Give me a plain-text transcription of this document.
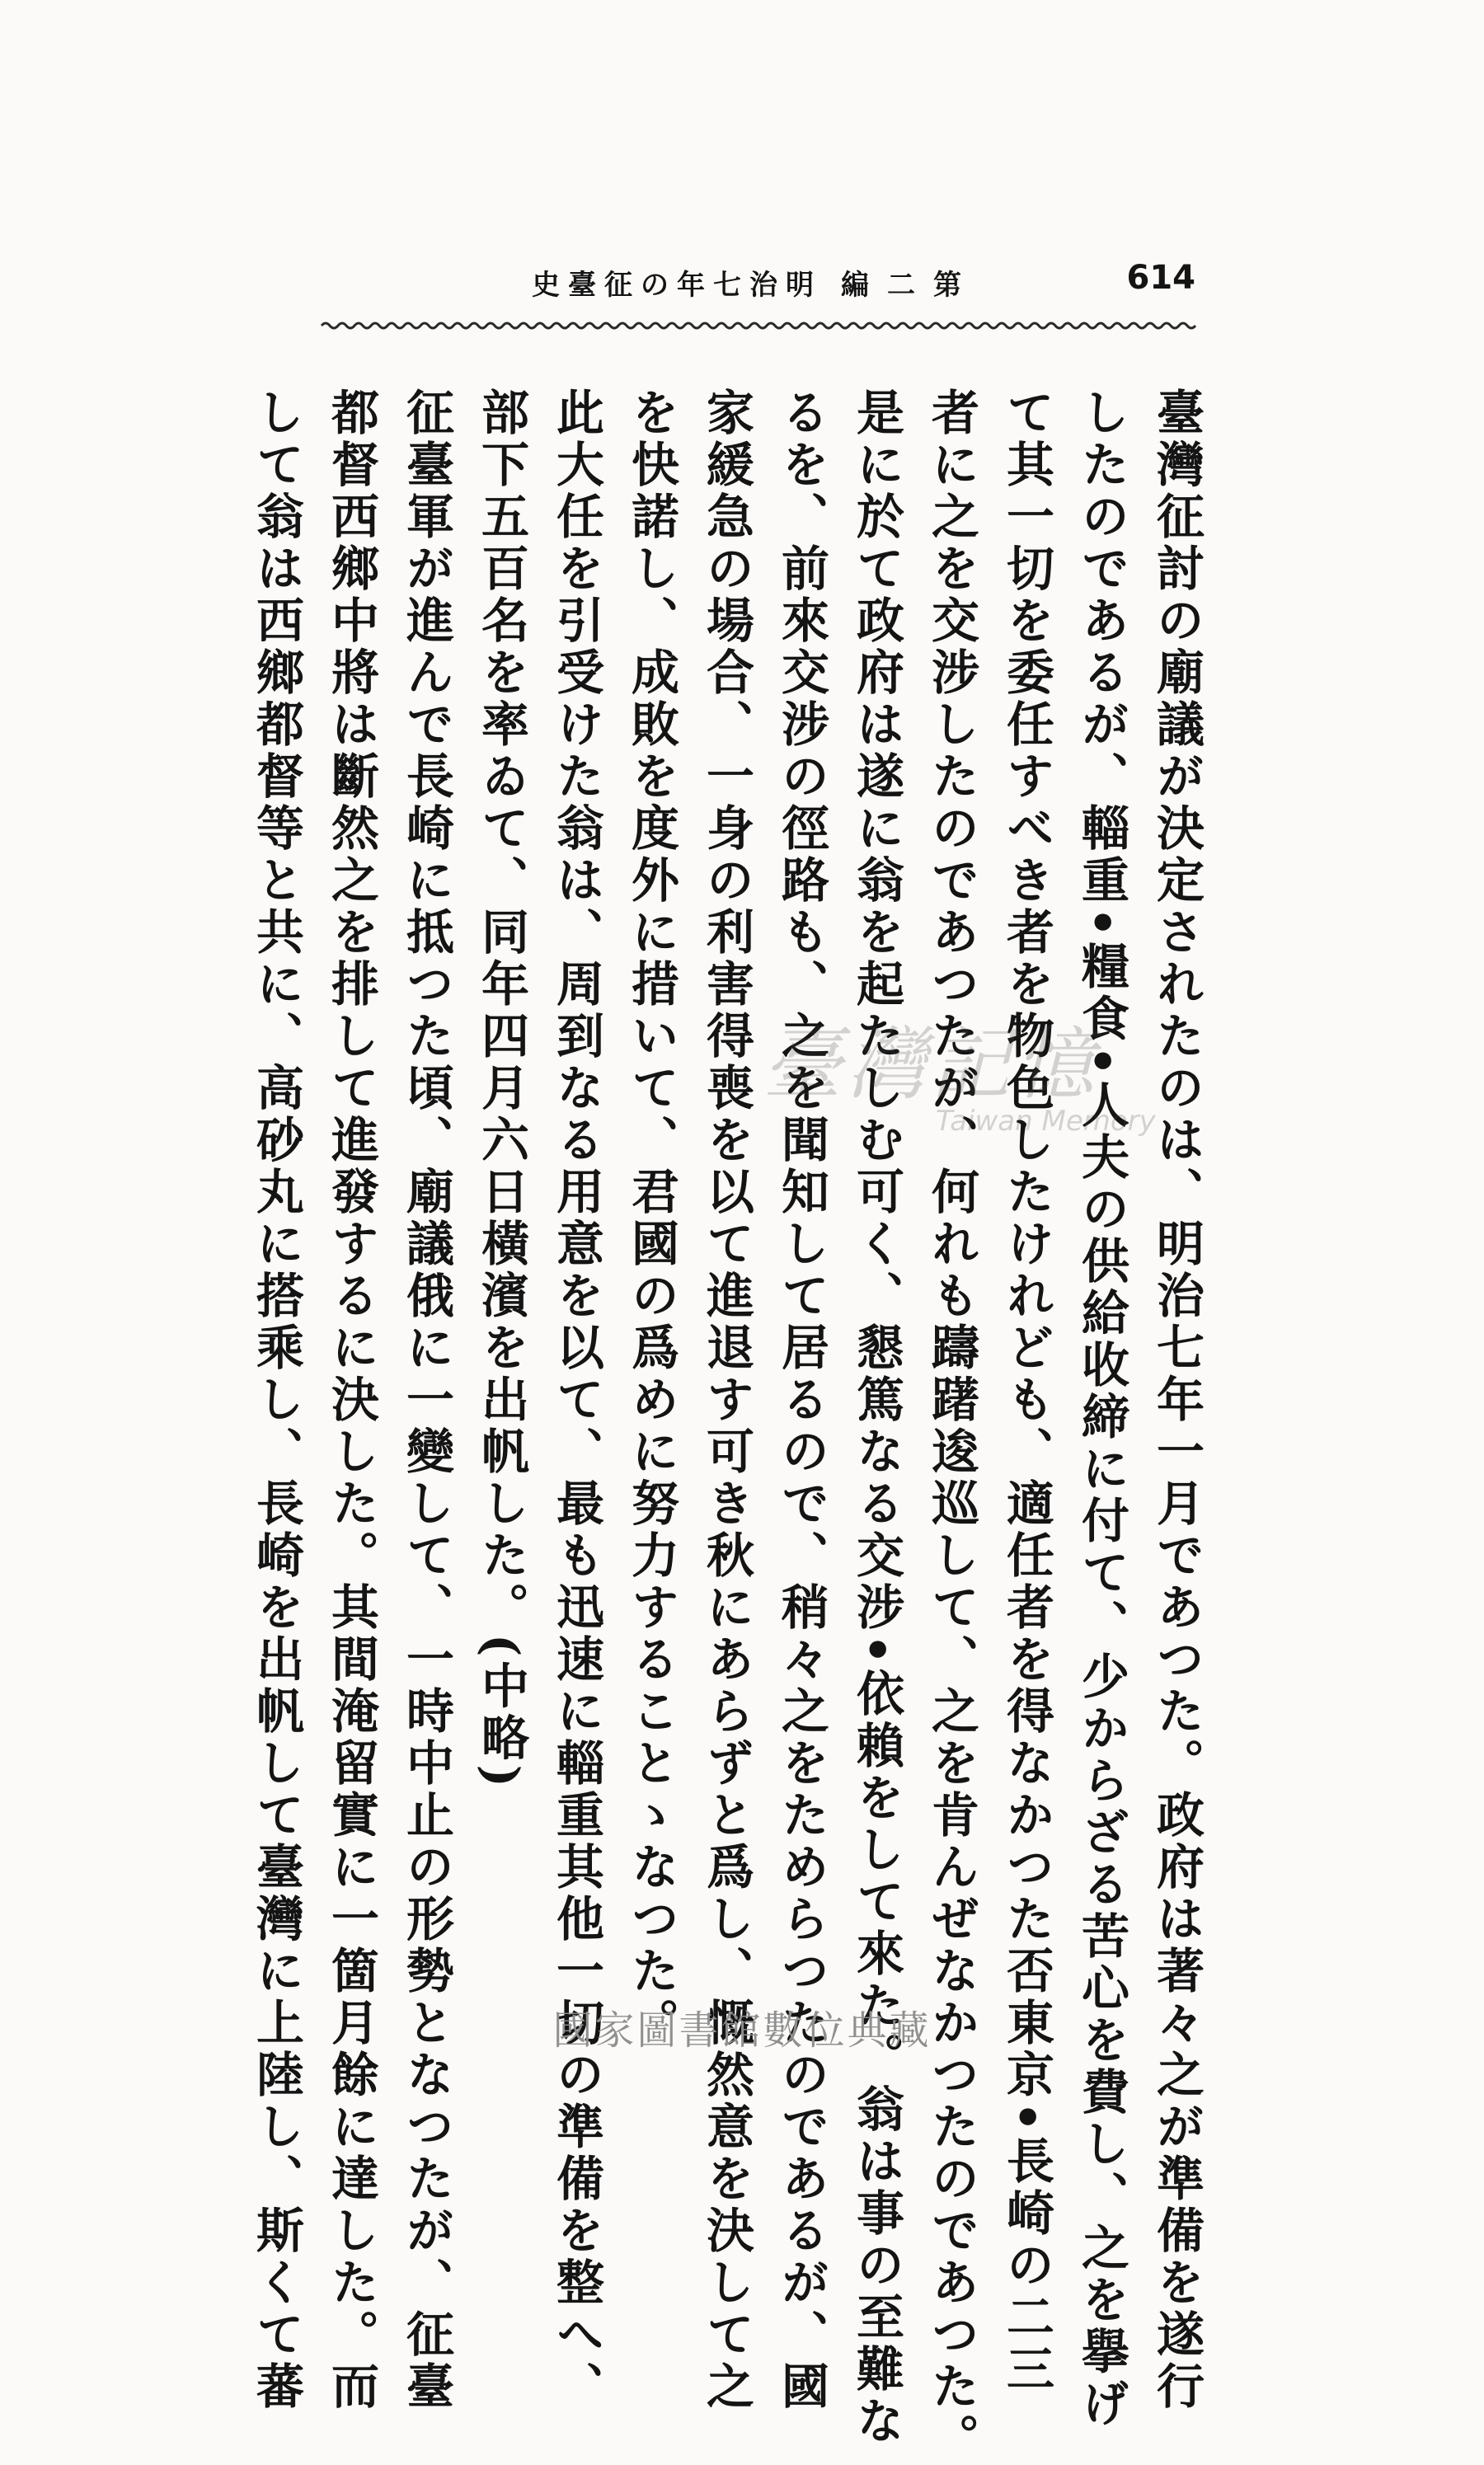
明治七年の征臺史 第二編	614

臺灣征討の廟議が決定されたのは、明治七年一月であつた。政府は著々之が準備を遂行

したのであるが、輜重•糧食•人夫の供給收締に付て、少からざる苦心を費し、之を擧げ

て其一切を委任すべき者を物色したけれども、適任者を得なかつた否東京•長崎の二三

者に之を交涉したのであつたが、何れも躊躇逡巡して、之を肯んぜなかつたのであつた。

是に於て政府は遂に翁を起たしむ可く、懇篤なる交涉•依賴をして來た。翁は事の至難な

るを、前來交涉の徑路も、之を聞知して居るので、稍々之をためらつたのであるが、國

家緩急の場合、一身の利害得喪を以て進退す可き秋にあらずと爲し、慨然意を決して之

を快諾し、成敗を度外に措いて、君國の爲めに努力することゝなつた。

此大任を引受けた翁は、周到なる用意を以て、最も迅速に輜重其他一切の準備を整へ、

部下五百名を率ゐて、同年四月六日橫濱を出帆した。(中略)

征臺軍が進んで長崎に抵つた頃、廟議俄に一變して、一時中止の形勢となつたが、征臺

都督西鄉中將は斷然之を排して進發するに決した。其間淹留實に一箇月餘に達した。而

して翁は西鄉都督等と共に、高砂丸に搭乘し、長崎を出帆して臺灣に上陸し、斯くて蕃	臺灣記憶
Taiwan Memory
國家圖書館數位典藏
